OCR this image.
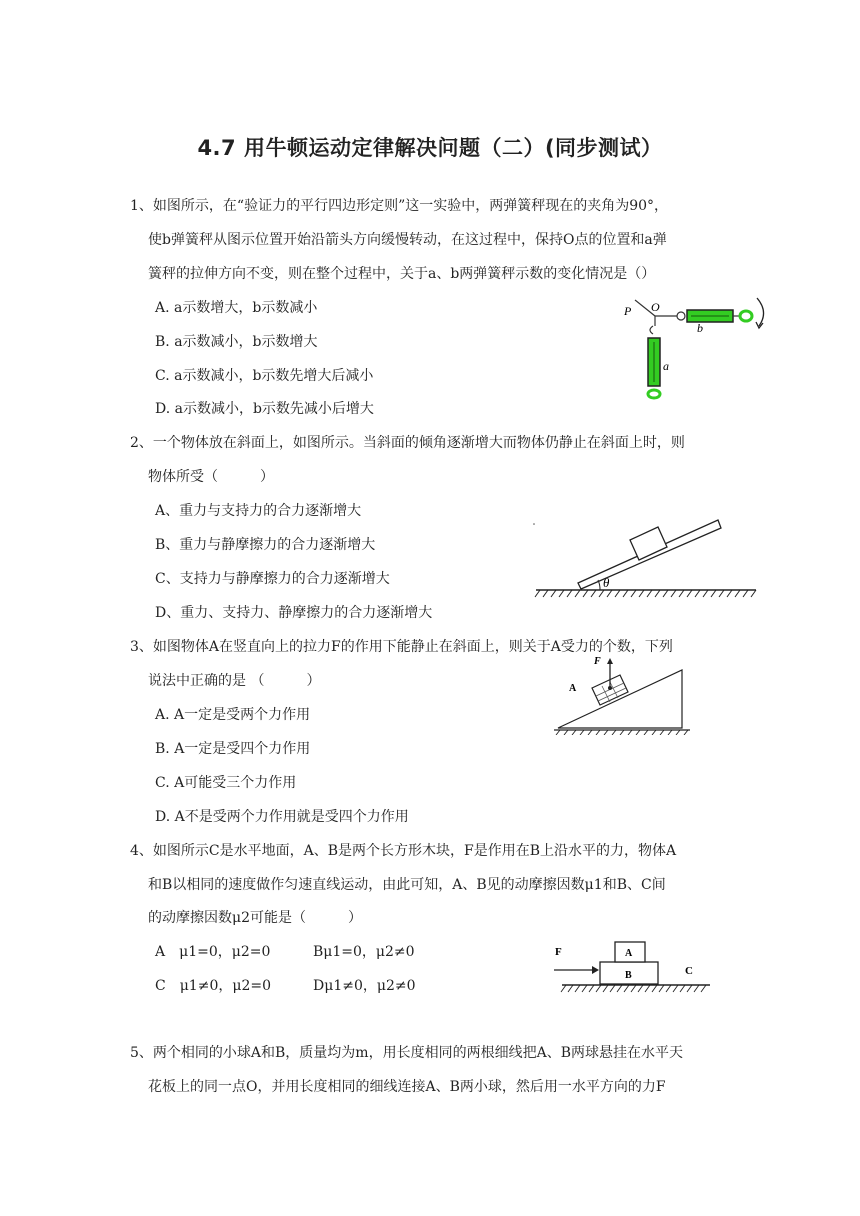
4.7 用牛顿运动定律解决问题（二）(同步测试）
1、如图所示，在“验证力的平行四边形定则”这一实验中，两弹簧秤现在的夹角为90°，
使b弹簧秤从图示位置开始沿箭头方向缓慢转动，在这过程中，保持O点的位置和a弹
簧秤的拉伸方向不变，则在整个过程中，关于a、b两弹簧秤示数的变化情况是（）
A. a示数增大，b示数减小
B. a示数减小，b示数增大
C. a示数减小，b示数先增大后减小
D. a示数减小，b示数先减小后增大
P O
a
b
2、一个物体放在斜面上，如图所示。当斜面的倾角逐渐增大而物体仍静止在斜面上时，则
物体所受（　　　）
A、重力与支持力的合力逐渐增大
B、重力与静摩擦力的合力逐渐增大
C、支持力与静摩擦力的合力逐渐增大
D、重力、支持力、静摩擦力的合力逐渐增大
θ
3、如图物体A在竖直向上的拉力F的作用下能静止在斜面上，则关于A受力的个数，下列
说法中正确的是 （　　　）
A. A一定是受两个力作用
B. A一定是受四个力作用
C. A可能受三个力作用
D. A不是受两个力作用就是受四个力作用
F
A
4、如图所示C是水平地面，A、B是两个长方形木块，F是作用在B上沿水平的力，物体A
和B以相同的速度做作匀速直线运动，由此可知，A、B见的动摩擦因数μ1和B、C间
的动摩擦因数μ2可能是（　　　）
A　μ1=0，μ2=0	Bμ1=0，μ2≠0
C　μ1≠0，μ2=0	Dμ1≠0，μ2≠0
F	A
B	C
5、两个相同的小球A和B，质量均为m，用长度相同的两根细线把A、B两球悬挂在水平天
花板上的同一点O，并用长度相同的细线连接A、B两小球，然后用一水平方向的力F
